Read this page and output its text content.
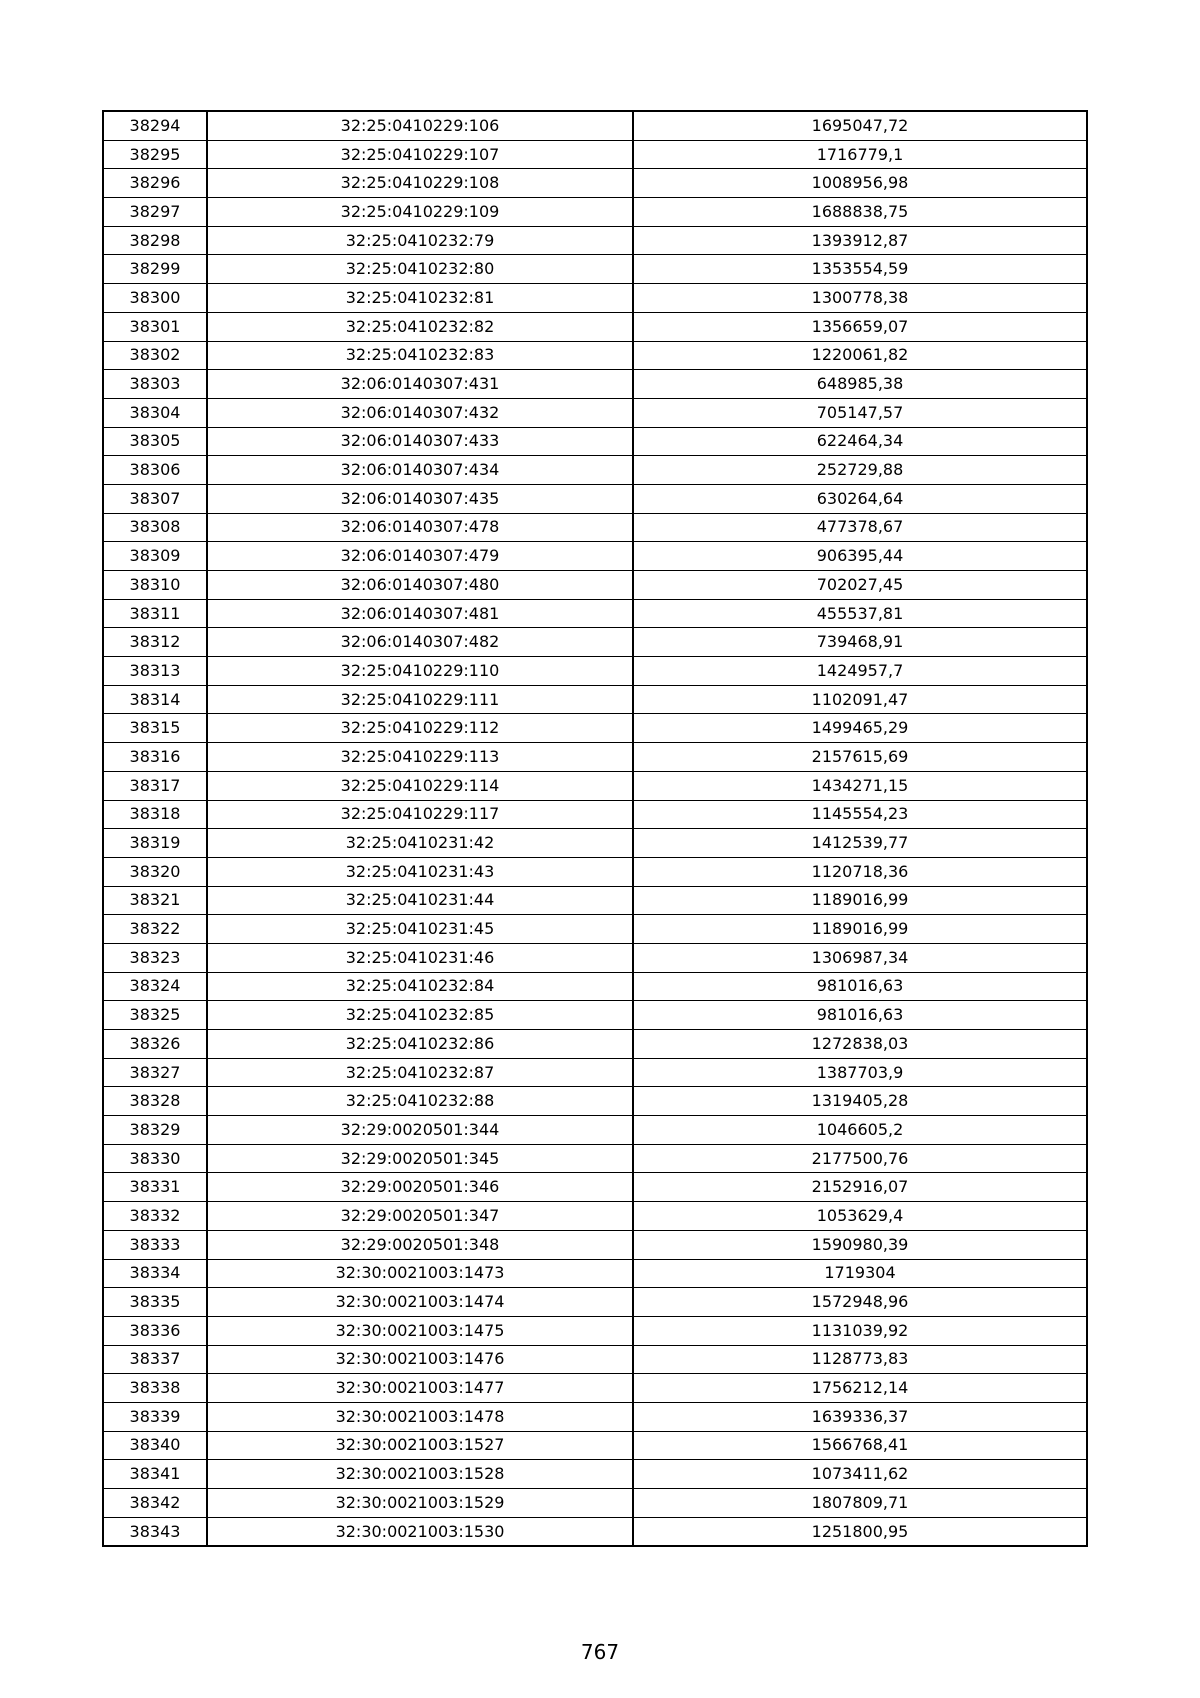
38294	32:25:0410229:106	1695047,72
38295	32:25:0410229:107	1716779,1
38296	32:25:0410229:108	1008956,98
38297	32:25:0410229:109	1688838,75
38298	32:25:0410232:79	1393912,87
38299	32:25:0410232:80	1353554,59
38300	32:25:0410232:81	1300778,38
38301	32:25:0410232:82	1356659,07
38302	32:25:0410232:83	1220061,82
38303	32:06:0140307:431	648985,38
38304	32:06:0140307:432	705147,57
38305	32:06:0140307:433	622464,34
38306	32:06:0140307:434	252729,88
38307	32:06:0140307:435	630264,64
38308	32:06:0140307:478	477378,67
38309	32:06:0140307:479	906395,44
38310	32:06:0140307:480	702027,45
38311	32:06:0140307:481	455537,81
38312	32:06:0140307:482	739468,91
38313	32:25:0410229:110	1424957,7
38314	32:25:0410229:111	1102091,47
38315	32:25:0410229:112	1499465,29
38316	32:25:0410229:113	2157615,69
38317	32:25:0410229:114	1434271,15
38318	32:25:0410229:117	1145554,23
38319	32:25:0410231:42	1412539,77
38320	32:25:0410231:43	1120718,36
38321	32:25:0410231:44	1189016,99
38322	32:25:0410231:45	1189016,99
38323	32:25:0410231:46	1306987,34
38324	32:25:0410232:84	981016,63
38325	32:25:0410232:85	981016,63
38326	32:25:0410232:86	1272838,03
38327	32:25:0410232:87	1387703,9
38328	32:25:0410232:88	1319405,28
38329	32:29:0020501:344	1046605,2
38330	32:29:0020501:345	2177500,76
38331	32:29:0020501:346	2152916,07
38332	32:29:0020501:347	1053629,4
38333	32:29:0020501:348	1590980,39
38334	32:30:0021003:1473	1719304
38335	32:30:0021003:1474	1572948,96
38336	32:30:0021003:1475	1131039,92
38337	32:30:0021003:1476	1128773,83
38338	32:30:0021003:1477	1756212,14
38339	32:30:0021003:1478	1639336,37
38340	32:30:0021003:1527	1566768,41
38341	32:30:0021003:1528	1073411,62
38342	32:30:0021003:1529	1807809,71
38343	32:30:0021003:1530	1251800,95
767
